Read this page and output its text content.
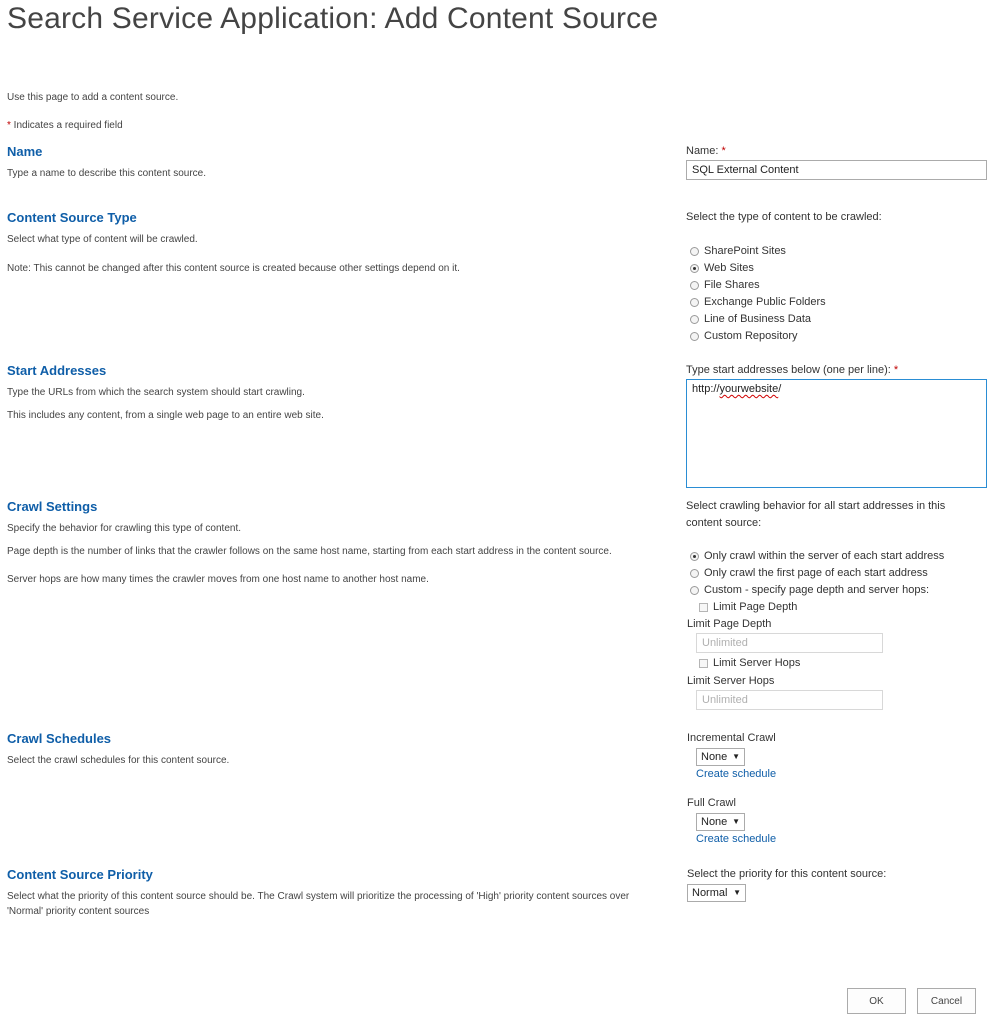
Search Service Application: Add Content Source
Use this page to add a content source.
* Indicates a required field
Name
Type a name to describe this content source.
Name: *
SQL External Content
Content Source Type
Select what type of content will be crawled.
Note: This cannot be changed after this content source is created because other settings depend on it.
Select the type of content to be crawled:
SharePoint Sites
Web Sites
File Shares
Exchange Public Folders
Line of Business Data
Custom Repository
Start Addresses
Type the URLs from which the search system should start crawling.
This includes any content, from a single web page to an entire web site.
Type start addresses below (one per line): *
http://yourwebsite/
Crawl Settings
Specify the behavior for crawling this type of content.
Page depth is the number of links that the crawler follows on the same host name, starting from each start address in the content source.
Server hops are how many times the crawler moves from one host name to another host name.
Select crawling behavior for all start addresses in this
content source:
Only crawl within the server of each start address
Only crawl the first page of each start address
Custom - specify page depth and server hops:
Limit Page Depth
Limit Page Depth
Unlimited
Limit Server Hops
Limit Server Hops
Unlimited
Crawl Schedules
Select the crawl schedules for this content source.
Incremental Crawl
None ▼
Create schedule
Full Crawl
None ▼
Create schedule
Content Source Priority
Select what the priority of this content source should be. The Crawl system will prioritize the processing of 'High' priority content sources over
'Normal' priority content sources
Select the priority for this content source:
Normal ▼
OK	Cancel
